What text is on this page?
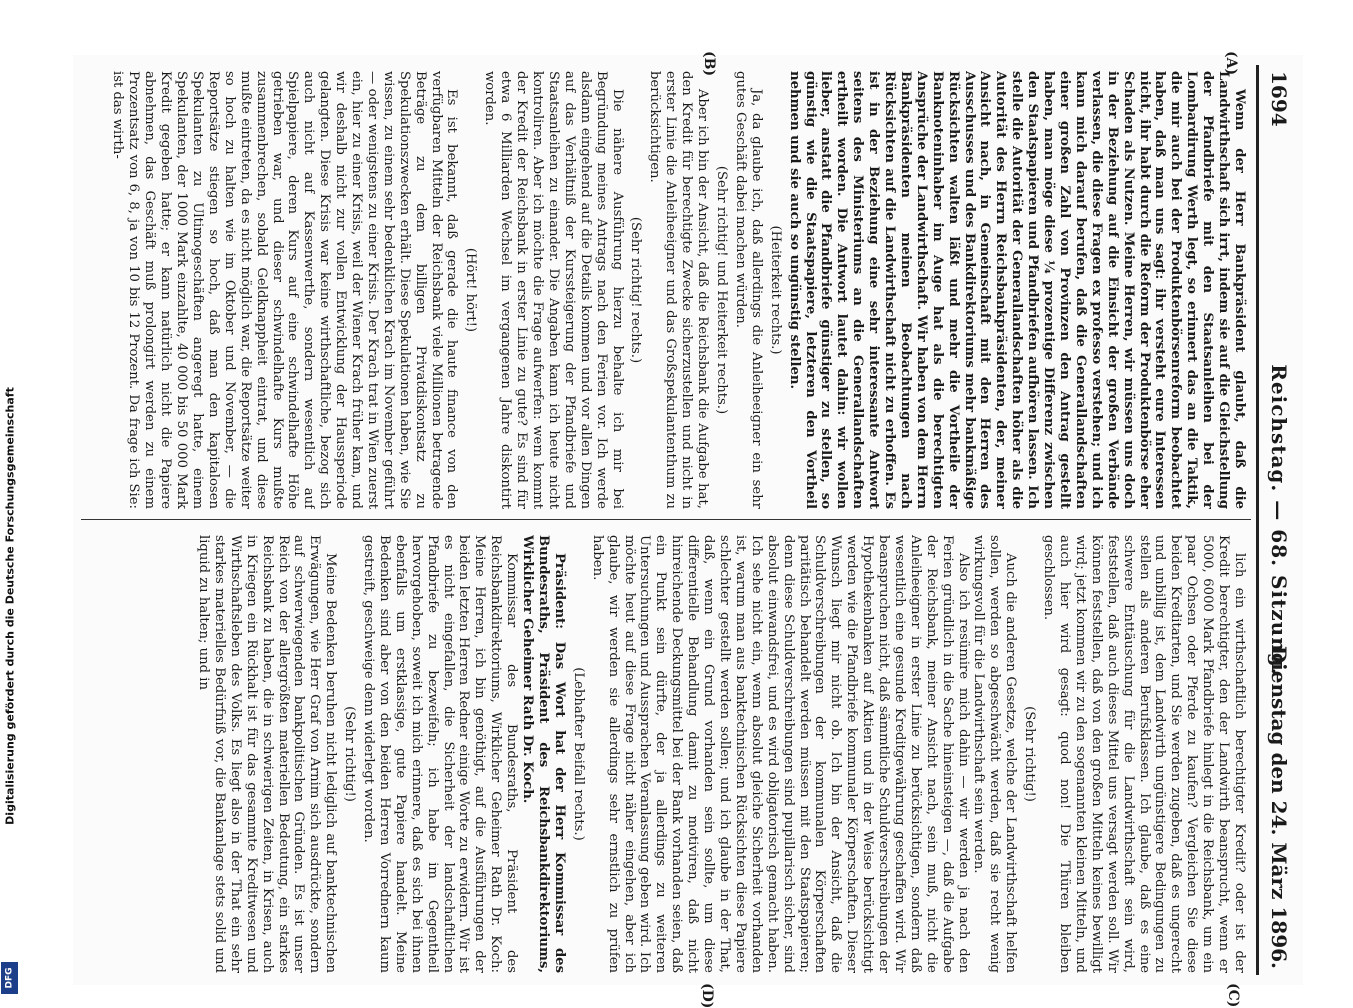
1694
Reichstag. — 68. Sitzung.
Dienstag den 24. März 1896.
(A)
(B)
(C)
(D)

Wenn der Herr Bankpräsident glaubt, daß die Landwirthschaft sich irrt, indem sie auf die Gleichstellung der Pfandbriefe mit den Staatsanleihen bei der Lombardirung Werth legt, so erinnert das an die Taktik, die mir auch bei der Produktenbörsenreform beobachtet haben, daß man uns sagt: ihr versteht eure Interessen nicht, ihr habt durch die Reform der Produktenbörse eher Schaden als Nutzen. Meine Herren, wir müssen uns doch in der Beziehung auf die Einsicht der großen Verbände verlassen, die diese Fragen ex professo verstehen; und ich kann mich darauf berufen, daß die Generallandschaften einer großen Zahl von Provinzen den Antrag gestellt haben, man möge diese ¼ prozentige Differenz zwischen den Staatspapieren und Pfandbriefen aufhören lassen. Ich stelle die Autorität der Generallandschaften höher als die Autorität des Herrn Reichsbankpräsidenten, der, meiner Ansicht nach, in Gemeinschaft mit den Herren des Ausschusses und des Bankdirektoriums mehr bankmäßige Rücksichten walten läßt und mehr die Vortheile der Banknoteninhaber im Auge hat als die berechtigten Ansprüche der Landwirthschaft. Wir haben von dem Herrn Bankpräsidenten meinen Beobachtungen nach Rücksichten auf die Landwirthschaft nicht zu erhoffen. Es ist in der Beziehung eine sehr interessante Antwort seitens des Ministeriums an die Generallandschaften ertheilt worden. Die Antwort lautet dahin: wir wollen lieber, anstatt die Pfandbriefe günstiger zu stellen, so günstig wie die Staatspapiere, letzteren den Vortheil nehmen und sie auch so ungünstig stellen.

(Heiterkeit rechts.)

Ja, da glaube ich, daß allerdings die Anleiheeigner ein sehr gutes Geschäft dabei machen würden.

(Sehr richtig! und Heiterkeit rechts.)

Aber ich bin der Ansicht, daß die Reichsbank die Aufgabe hat, den Kredit für berechtigte Zwecke sicherzustellen und nicht in erster Linie die Anleiheeigner und das Großspekulantenthum zu berücksichtigen.

(Sehr richtig! rechts.)

Die nähere Ausführung hierzu behalte ich mir bei Begründung meines Antrags nach den Ferien vor. Ich werde alsdann eingehend auf die Details kommen und vor allen Dingen auf das Verhältniß der Kurssteigerung der Pfandbriefe und Staatsanleihen zu einander. Die Angaben kann ich heute nicht kontroliren. Aber ich möchte die Frage aufwerfen: wem kommt der Kredit der Reichsbank in erster Linie zu gute? Es sind für etwa 6 Milliarden Wechsel im vergangenen Jahre diskontirt worden.

(Hört! hört!)

Es ist bekannt, daß gerade die haute finance von den verfügbaren Mitteln der Reichsbank viele Millionen betragende Beträge zu dem billigen Privatdiskontsatz zu Spekulationszwecken erhält. Diese Spekulationen haben, wie Sie wissen, zu einem sehr bedenklichen Krach im November geführt — oder wenigstens zu einer Krisis. Der Krach trat in Wien zuerst ein, hier zu einer Krisis, weil der Wiener Krach früher kam, und wir deshalb nicht zur vollen Entwicklung der Haussperiode gelangten. Diese Krisis war keine wirthschaftliche, bezog sich auch nicht auf Kassenwerthe, sondern wesentlich auf Spielpapiere, deren Kurs auf eine schwindelhafte Höhe getrieben war, und dieser schwindelhafte Kurs mußte zusammenbrechen, sobald Geldknappheit eintrat, und diese mußte eintreten, da es nicht möglich war, die Reportsätze weiter so hoch zu halten wie im Oktober und November, — die Reportsätze stiegen so hoch, daß man den kapitalosen Spekulanten zu Ultimogeschäften angeregt hatte, einem Spekulanten, der 1000 Mark einzahlte, 40 000 bis 50 000 Mark Kredit gegeben hatte; er kann natürlich nicht die Papiere abnehmen, das Geschäft muß prolongirt werden zu einem Prozentsatz von 6, 8, ja von 10 bis 12 Prozent. Da frage ich Sie: ist das wirth-

lich ein wirthschaftlich berechtigter Kredit? oder ist der Kredit berechtigter, den der Landwirth beansprucht, wenn er 5000, 6000 Mark Pfandbriefe hinlegt in die Reichsbank, um ein paar Ochsen oder Pferde zu kaufen? Vergleichen Sie diese beiden Kreditarten, und Sie werden zugeben, daß es ungerecht und unbillig ist, dem Landwirth ungünstigere Bedingungen zu stellen als anderen Berufsklassen. Ich glaube, daß es eine schwere Enttäuschung für die Landwirthschaft sein wird, feststellen, daß auch dieses Mittel uns versagt werden soll. Wir können feststellen, daß von den großen Mitteln keines bewilligt wird; jetzt kommen wir zu den sogenannten kleinen Mitteln, und auch hier wird gesagt: quod non! Die Thüren bleiben geschlossen.

(Sehr richtig!)

Auch die anderen Gesetze, welche der Landwirthschaft helfen sollen, werden so abgeschwächt werden, daß sie recht wenig wirkungsvoll für die Landwirthschaft sein werden.

Also ich resümire mich dahin — wir werden ja nach den Ferien gründlich in die Sache hineinsteigen —, daß die Aufgabe der Reichsbank, meiner Ansicht nach, sein muß, nicht die Anleiheeigner in erster Linie zu berücksichtigen, sondern daß wesentlich eine gesunde Kreditgewährung geschaffen wird. Wir beanspruchen nicht, daß sämmtliche Schuldverschreibungen der Hypothekenbanken auf Aktien und in der Weise berücksichtigt werden wie die Pfandbriefe kommunaler Körperschaften. Dieser Wunsch liegt mir nicht ob. Ich bin der Ansicht, daß die Schuldverschreibungen der kommunalen Körperschaften paritätisch behandelt werden müssen mit den Staatspapieren; denn diese Schuldverschreibungen sind pupillarisch sicher, sind absolut einwandsfrei, und es wird obligatorisch gemacht haben. Ich sehe nicht ein, wenn absolut gleiche Sicherheit vorhanden ist, warum man aus banktechnischen Rücksichten diese Papiere schlechter gestellt werden sollen; und ich glaube in der That, daß, wenn ein Grund vorhanden sein sollte, um diese differentielle Behandlung damit zu motiviren, daß nicht hinreichende Deckungsmittel bei der Bank vorhanden seien, daß ein Punkt sein dürfte, der ja allerdings zu weiteren Untersuchungen und Aussprachen Veranlassung geben wird. Ich möchte heut auf diese Frage nicht näher eingehen, aber ich glaube, wir werden sie allerdings sehr ernstlich zu prüfen haben.

(Lebhafter Beifall rechts.)

Präsident: Das Wort hat der Herr Kommissar des Bundesraths, Präsident des Reichsbankdirektoriums, Wirklicher Geheimer Rath Dr. Koch.

Kommissar des Bundesraths, Präsident des Reichsbankdirektoriums, Wirklicher Geheimer Rath Dr. Koch: Meine Herren, ich bin genöthigt, auf die Ausführungen der beiden letzten Herren Redner einige Worte zu erwidern. Wir ist es nicht eingefallen, die Sicherheit der landschaftlichen Pfandbriefe zu bezweifeln; ich habe im Gegentheil hervorgehoben, soweit ich mich erinnere, daß es sich bei ihnen ebenfalls um erstklassige, gute Papiere handelt. Meine Bedenken sind aber von den beiden Herren Vorrednern kaum gestreift, geschweige denn widerlegt worden.

(Sehr richtig!)

Meine Bedenken beruhen nicht lediglich auf banktechnischen Erwägungen, wie Herr Graf von Arnim sich ausdrückte, sondern auf schwerwiegenden bankpolitischen Gründen. Es ist unser Reich von der allergrößten materiellen Bedeutung, ein starkes Reichsbank zu haben, die in schwierigen Zeiten, in Krisen, auch in Kriegen ein Rückhalt ist für das gesammte Kreditwesen und Wirthschaftsleben des Volks. Es liegt also in der That ein sehr starkes materielles Bedürfniß vor, die Bankanlage stets solid und liquid zu halten; und in

Digitalisierung gefördert durch die Deutsche Forschungsgemeinschaft
DFG
